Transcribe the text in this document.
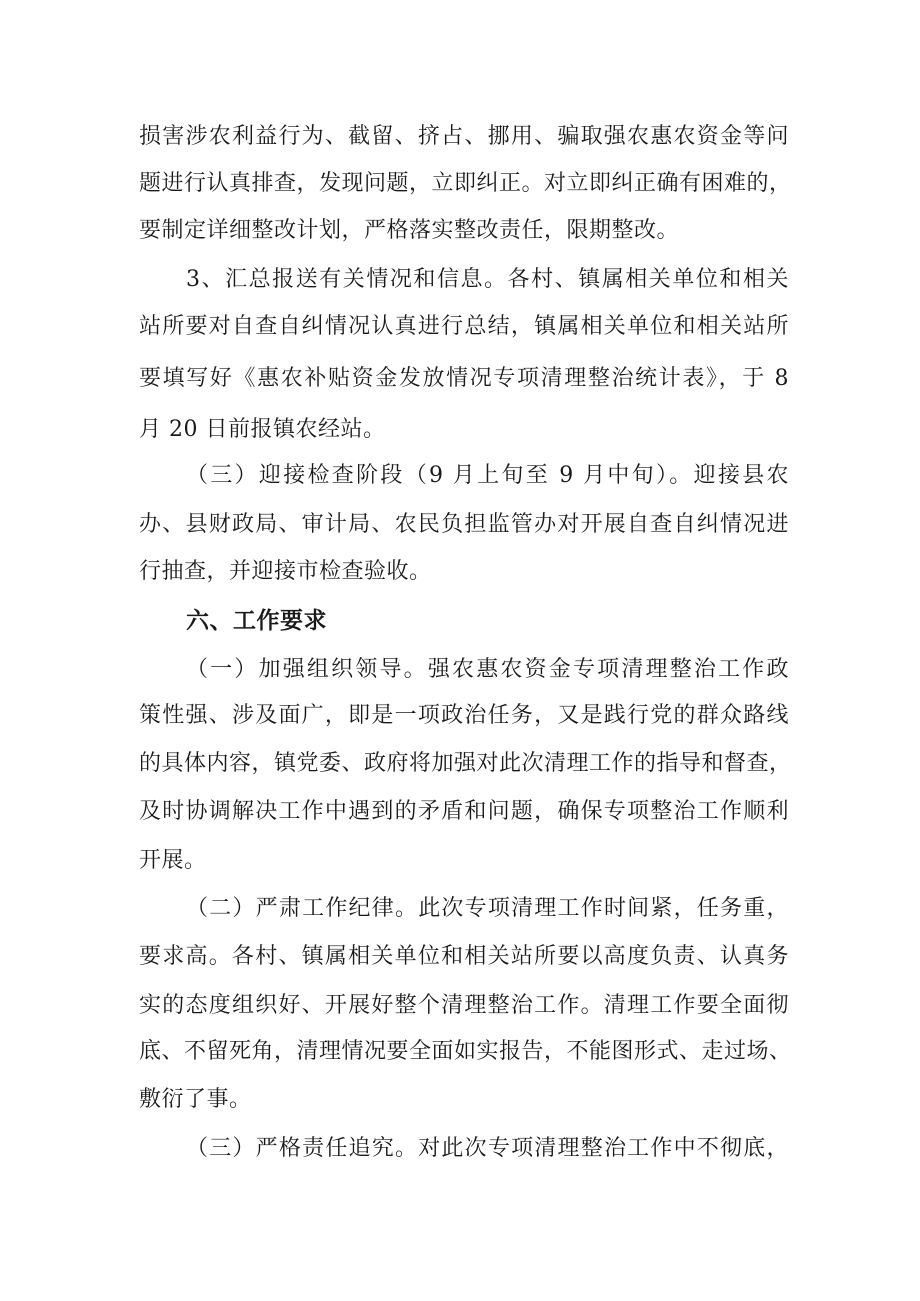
损害涉农利益行为、截留、挤占、挪用、骗取强农惠农资金等问
题进行认真排查，发现问题，立即纠正。对立即纠正确有困难的，
要制定详细整改计划，严格落实整改责任，限期整改。
3、汇总报送有关情况和信息。各村、镇属相关单位和相关
站所要对自查自纠情况认真进行总结，镇属相关单位和相关站所
要填写好《惠农补贴资金发放情况专项清理整治统计表》，于 8
月 20 日前报镇农经站。
（三）迎接检查阶段（9 月上旬至 9 月中旬）。迎接县农
办、县财政局、审计局、农民负担监管办对开展自查自纠情况进
行抽查，并迎接市检查验收。
六、工作要求
（一）加强组织领导。强农惠农资金专项清理整治工作政
策性强、涉及面广，即是一项政治任务，又是践行党的群众路线
的具体内容，镇党委、政府将加强对此次清理工作的指导和督查，
及时协调解决工作中遇到的矛盾和问题，确保专项整治工作顺利
开展。
（二）严肃工作纪律。此次专项清理工作时间紧，任务重，
要求高。各村、镇属相关单位和相关站所要以高度负责、认真务
实的态度组织好、开展好整个清理整治工作。清理工作要全面彻
底、不留死角，清理情况要全面如实报告，不能图形式、走过场、
敷衍了事。
（三）严格责任追究。对此次专项清理整治工作中不彻底，
